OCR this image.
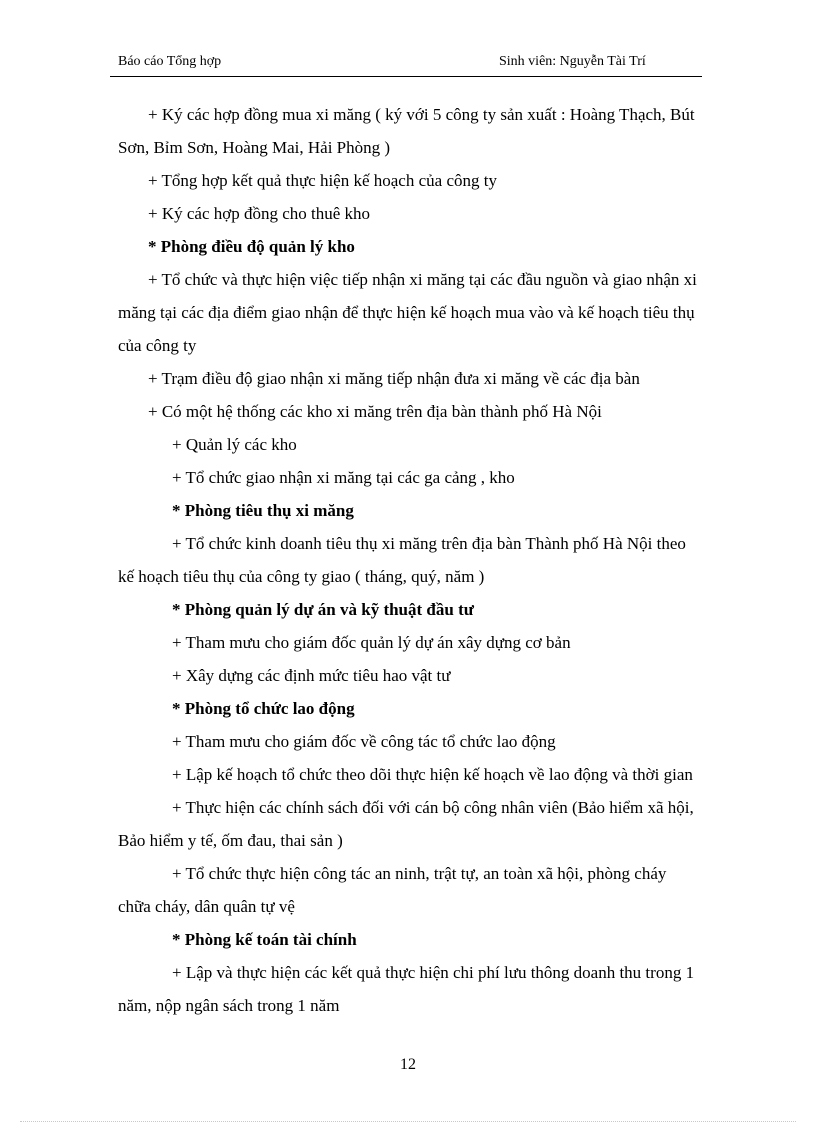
Báo cáo Tổng hợp	Sinh viên: Nguyễn Tài Trí
+ Ký các hợp đồng mua xi măng ( ký với 5 công ty sản xuất : Hoàng Thạch, Bút
Sơn, Bỉm Sơn, Hoàng Mai, Hải Phòng )
+ Tổng hợp kết quả thực hiện kế hoạch của công ty
+ Ký các hợp đồng cho thuê kho
* Phòng điều độ quản lý kho
+ Tổ chức và thực hiện việc tiếp nhận xi măng tại các đầu nguồn và giao nhận xi
măng tại các địa điểm giao nhận để thực hiện kế hoạch mua vào và kế hoạch tiêu thụ
của công ty
+ Trạm điều độ giao nhận xi măng tiếp nhận đưa xi măng về các địa bàn
+ Có một hệ thống các kho xi măng trên địa bàn thành phố Hà Nội
+ Quản lý các kho
+ Tổ chức giao nhận xi măng tại các ga cảng , kho
* Phòng tiêu thụ xi măng
+ Tổ chức kinh doanh tiêu thụ xi măng trên địa bàn Thành phố Hà Nội theo
kế hoạch tiêu thụ của công ty giao ( tháng, quý, năm )
* Phòng quản lý dự án và kỹ thuật đầu tư
+ Tham mưu cho giám đốc quản lý dự án xây dựng cơ bản
+ Xây dựng các định mức tiêu hao vật tư
* Phòng tổ chức lao động
+ Tham mưu cho giám đốc về công tác tổ chức lao động
+ Lập kế hoạch tổ chức theo dõi thực hiện kế hoạch về lao động và thời gian
+ Thực hiện các chính sách đối với cán bộ công nhân viên (Bảo hiểm xã hội,
Bảo hiểm y tế, ốm đau, thai sản )
+ Tổ chức thực hiện công tác an ninh, trật tự, an toàn xã hội, phòng cháy
chữa cháy, dân quân tự vệ
* Phòng kế toán tài chính
+ Lập và thực hiện các kết quả thực hiện chi phí lưu thông doanh thu trong 1
năm, nộp ngân sách trong 1 năm
12
